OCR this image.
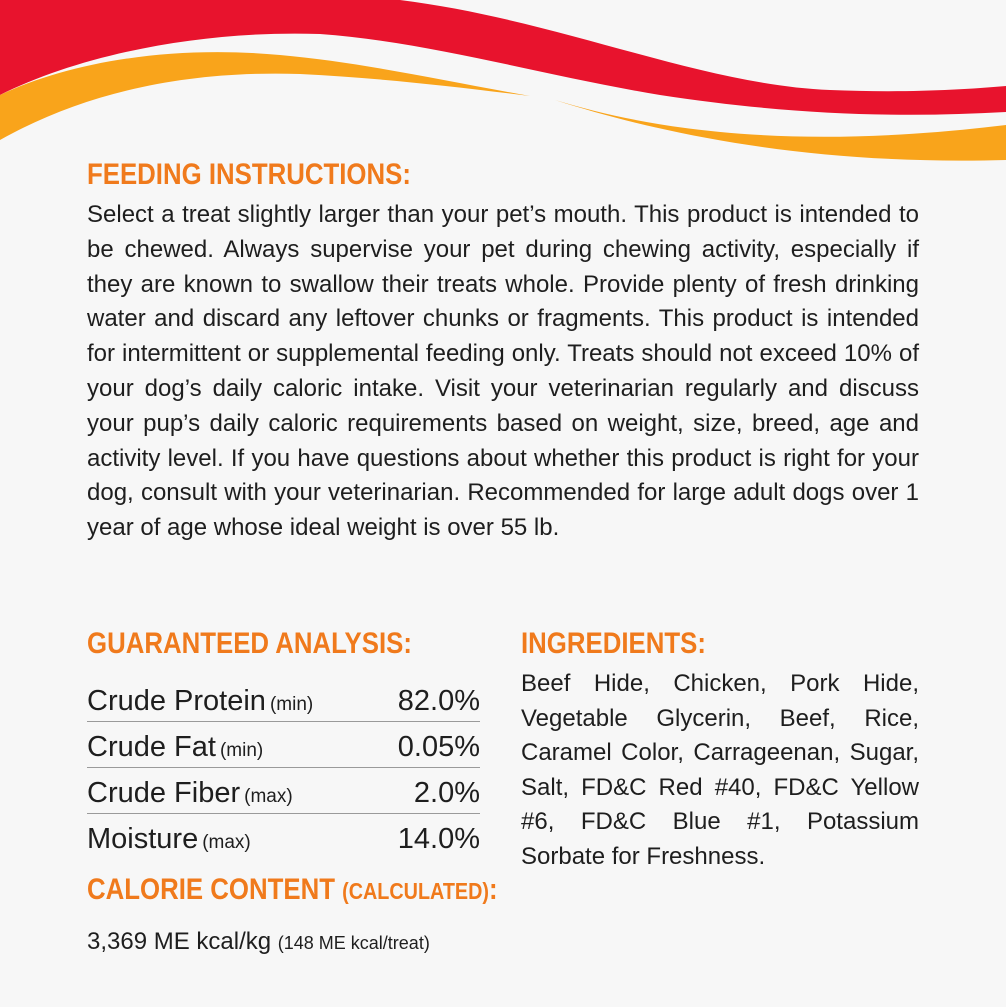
FEEDING INSTRUCTIONS:

Select a treat slightly larger than your pet’s mouth. This product is intended to be chewed. Always supervise your pet during chewing activity, especially if they are known to swallow their treats whole. Provide plenty of fresh drinking water and discard any leftover chunks or fragments. This product is intended for intermittent or supplemental feeding only. Treats should not exceed 10% of your dog’s daily caloric intake. Visit your veterinarian regularly and discuss your pup’s daily caloric requirements based on weight, size, breed, age and activity level. If you have questions about whether this product is right for your dog, consult with your veterinarian. Recommended for large adult dogs over 1 year of age whose ideal weight is over 55 lb.

GUARANTEED ANALYSIS:
Crude Protein (min)	82.0%
Crude Fat (min)	0.05%
Crude Fiber (max)	2.0%
Moisture (max)	14.0%
CALORIE CONTENT (CALCULATED):
3,369 ME kcal/kg (148 ME kcal/treat)
INGREDIENTS:

Beef Hide, Chicken, Pork Hide, Vegetable Glycerin, Beef, Rice, Caramel Color, Carrageenan, Sugar, Salt, FD&C Red #40, FD&C Yellow #6, FD&C Blue #1, Potassium Sorbate for Freshness.
